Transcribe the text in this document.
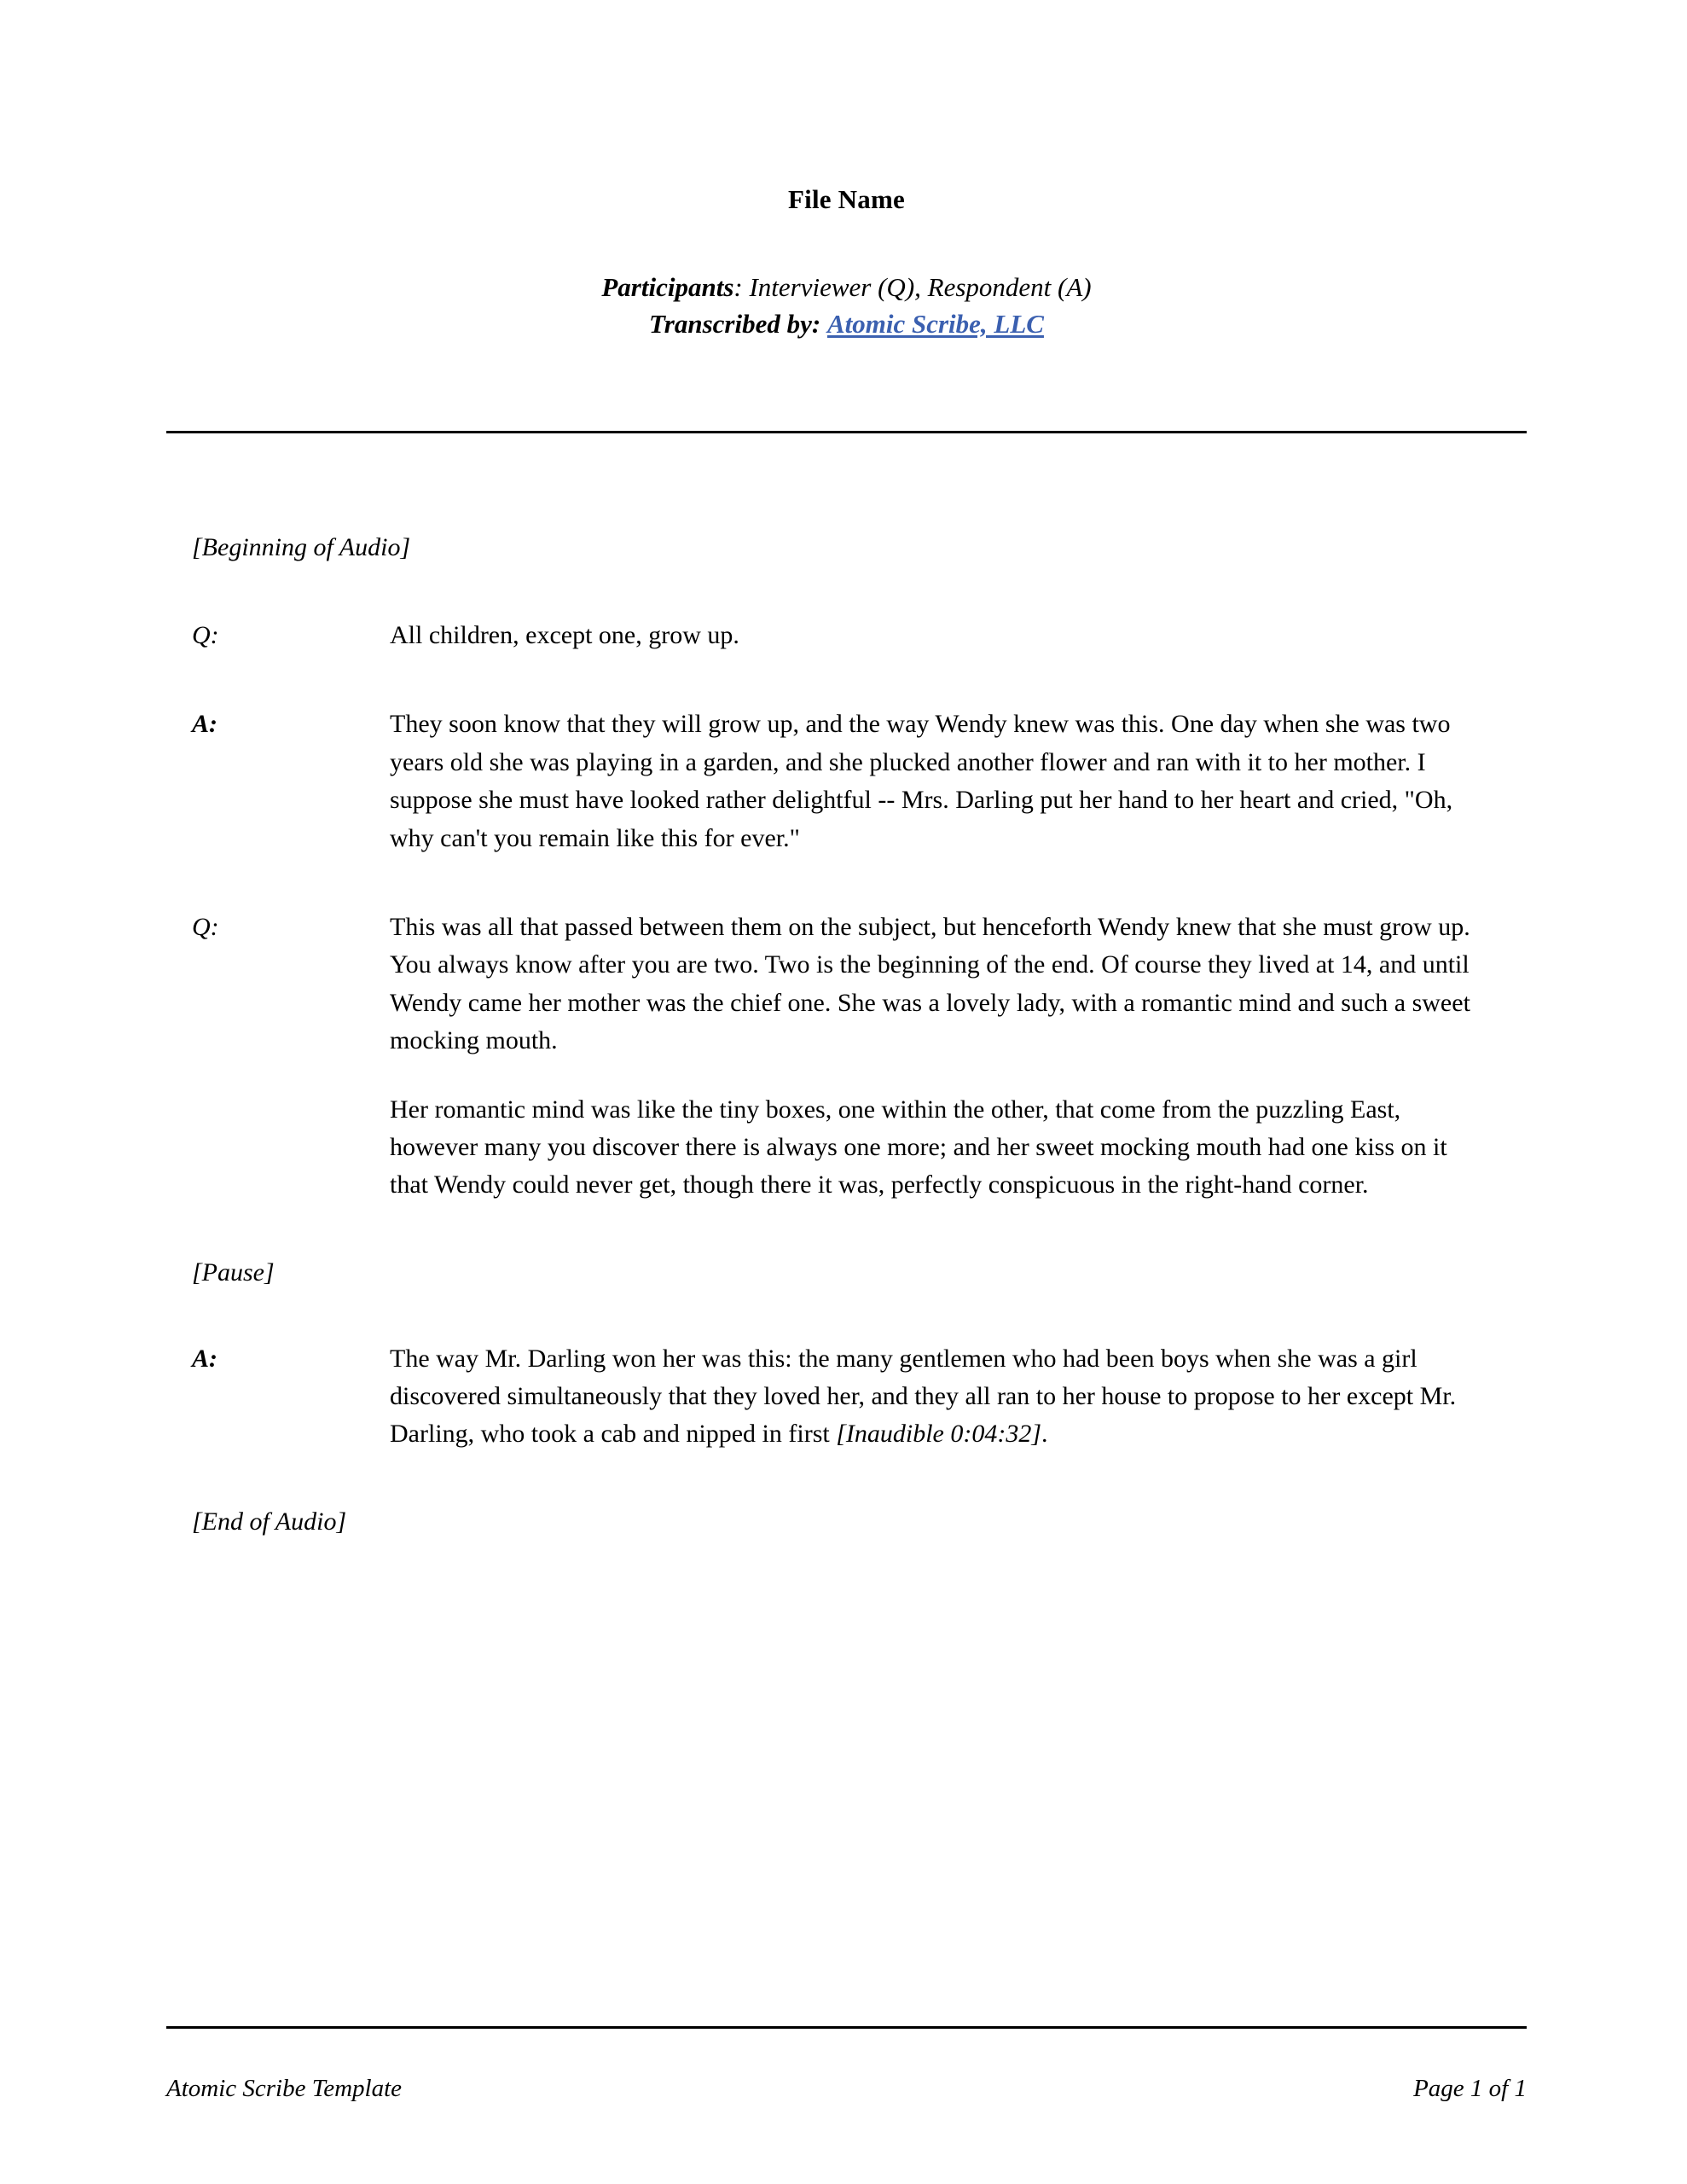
File Name
Participants: Interviewer (Q), Respondent (A)
Transcribed by: Atomic Scribe, LLC
[Beginning of Audio]
Q:	All children, except one, grow up.

A:	They soon know that they will grow up, and the way Wendy knew was this. One day when she was two years old she was playing in a garden, and she plucked another flower and ran with it to her mother. I suppose she must have looked rather delightful -- Mrs. Darling put her hand to her heart and cried, "Oh, why can't you remain like this for ever."

Q:	This was all that passed between them on the subject, but henceforth Wendy knew that she must grow up. You always know after you are two. Two is the beginning of the end. Of course they lived at 14, and until Wendy came her mother was the chief one. She was a lovely lady, with a romantic mind and such a sweet mocking mouth.

Her romantic mind was like the tiny boxes, one within the other, that come from the puzzling East, however many you discover there is always one more; and her sweet mocking mouth had one kiss on it that Wendy could never get, though there it was, perfectly conspicuous in the right-hand corner.

[Pause]
A:	The way Mr. Darling won her was this: the many gentlemen who had been boys when she was a girl discovered simultaneously that they loved her, and they all ran to her house to propose to her except Mr. Darling, who took a cab and nipped in first [Inaudible 0:04:32].

[End of Audio]
Atomic Scribe Template	Page 1 of 1
